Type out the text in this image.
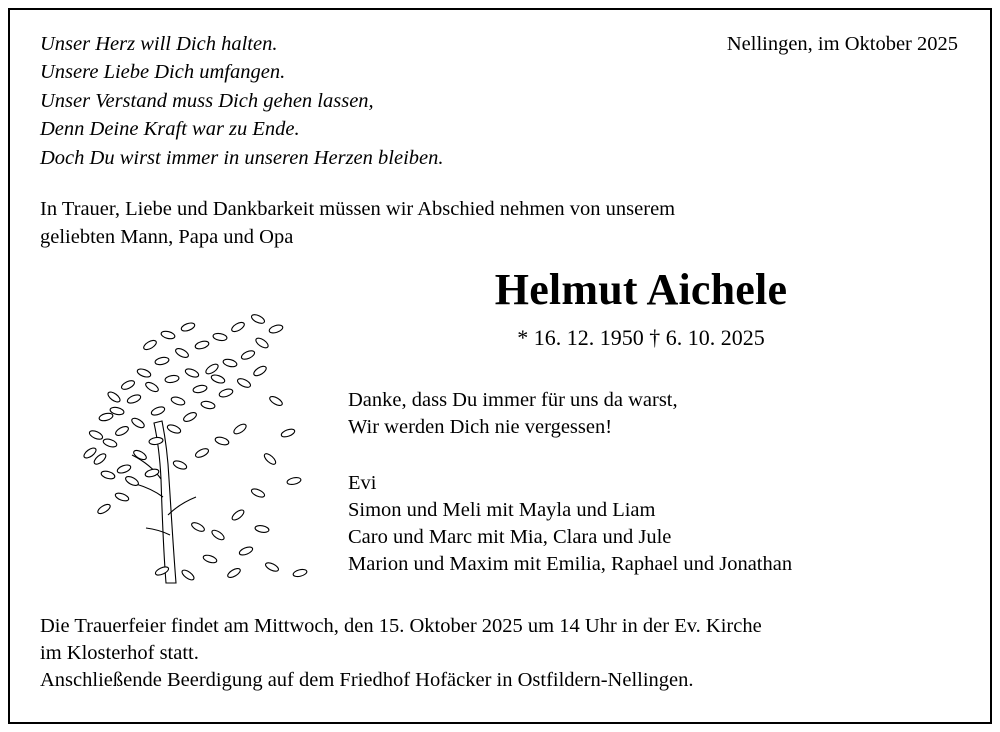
Unser Herz will Dich halten.
Unsere Liebe Dich umfangen.
Unser Verstand muss Dich gehen lassen,
Denn Deine Kraft war zu Ende.
Doch Du wirst immer in unseren Herzen bleiben.
Nellingen, im Oktober 2025
In Trauer, Liebe und Dankbarkeit müssen wir Abschied nehmen von unserem
geliebten Mann, Papa und Opa
Helmut Aichele
* 16. 12. 1950 † 6. 10. 2025
Danke, dass Du immer für uns da warst,
Wir werden Dich nie vergessen!
Evi
Simon und Meli mit Mayla und Liam
Caro und Marc mit Mia, Clara und Jule
Marion und Maxim mit Emilia, Raphael und Jonathan
Die Trauerfeier findet am Mittwoch, den 15. Oktober 2025 um 14 Uhr in der Ev. Kirche
im Klosterhof statt.
Anschließende Beerdigung auf dem Friedhof Hofäcker in Ostfildern-Nellingen.
